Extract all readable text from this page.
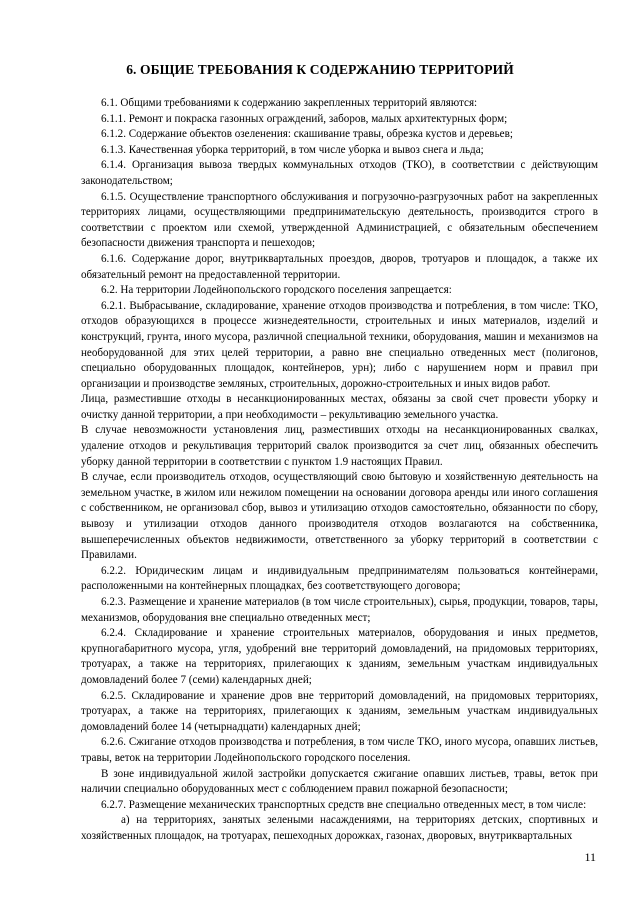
6. ОБЩИЕ ТРЕБОВАНИЯ К СОДЕРЖАНИЮ ТЕРРИТОРИЙ

6.1. Общими требованиями к содержанию закрепленных территорий являются:

6.1.1. Ремонт и покраска газонных ограждений, заборов, малых архитектурных форм;

6.1.2. Содержание объектов озеленения: скашивание травы, обрезка кустов и деревьев;

6.1.3. Качественная уборка территорий, в том числе уборка и вывоз снега и льда;

6.1.4. Организация вывоза твердых коммунальных отходов (ТКО), в соответствии с действующим законодательством;

6.1.5. Осуществление транспортного обслуживания и погрузочно-разгрузочных работ на закрепленных территориях лицами, осуществляющими предпринимательскую деятельность, производится строго в соответствии с проектом или схемой, утвержденной Администрацией, с обязательным обеспечением безопасности движения транспорта и пешеходов;

6.1.6. Содержание дорог, внутриквартальных проездов, дворов, тротуаров и площадок, а также их обязательный ремонт на предоставленной территории.

6.2. На территории Лодейнопольского городского поселения запрещается:

6.2.1. Выбрасывание, складирование, хранение отходов производства и потребления, в том числе: ТКО, отходов образующихся в процессе жизнедеятельности, строительных и иных материалов, изделий и конструкций, грунта, иного мусора, различной специальной техники, оборудования, машин и механизмов на необорудованной для этих целей территории, а равно вне специально отведенных мест (полигонов, специально оборудованных площадок, контейнеров, урн); либо с нарушением норм и правил при организации и производстве земляных, строительных, дорожно-строительных и иных видов работ.

Лица, разместившие отходы в несанкционированных местах, обязаны за свой счет провести уборку и очистку данной территории, а при необходимости – рекультивацию земельного участка.

В случае невозможности установления лиц, разместивших отходы на несанкционированных свалках, удаление отходов и рекультивация территорий свалок производится за счет лиц, обязанных обеспечить уборку данной территории в соответствии с пунктом 1.9 настоящих Правил.

В случае, если производитель отходов, осуществляющий свою бытовую и хозяйственную деятельность на земельном участке, в жилом или нежилом помещении на основании договора аренды или иного соглашения с собственником, не организовал сбор, вывоз и утилизацию отходов самостоятельно, обязанности по сбору, вывозу и утилизации отходов данного производителя отходов возлагаются на собственника, вышеперечисленных объектов недвижимости, ответственного за уборку территорий в соответствии с Правилами.

6.2.2. Юридическим лицам и индивидуальным предпринимателям пользоваться контейнерами, расположенными на контейнерных площадках, без соответствующего договора;

6.2.3. Размещение и хранение материалов (в том числе строительных), сырья, продукции, товаров, тары, механизмов, оборудования вне специально отведенных мест;

6.2.4. Складирование и хранение строительных материалов, оборудования и иных предметов, крупногабаритного мусора, угля, удобрений вне территорий домовладений, на придомовых территориях, тротуарах, а также на территориях, прилегающих к зданиям, земельным участкам индивидуальных домовладений более 7 (семи) календарных дней;

6.2.5. Складирование и хранение дров вне территорий домовладений, на придомовых территориях, тротуарах, а также на территориях, прилегающих к зданиям, земельным участкам индивидуальных домовладений более 14 (четырнадцати) календарных дней;

6.2.6. Сжигание отходов производства и потребления, в том числе ТКО, иного мусора, опавших листьев, травы, веток на территории Лодейнопольского городского поселения.

В зоне индивидуальной жилой застройки допускается сжигание опавших листьев, травы, веток при наличии специально оборудованных мест с соблюдением правил пожарной безопасности;

6.2.7. Размещение механических транспортных средств вне специально отведенных мест, в том числе:

а) на территориях, занятых зелеными насаждениями, на территориях детских, спортивных и хозяйственных площадок, на тротуарах, пешеходных дорожках, газонах, дворовых, внутриквартальных

11
